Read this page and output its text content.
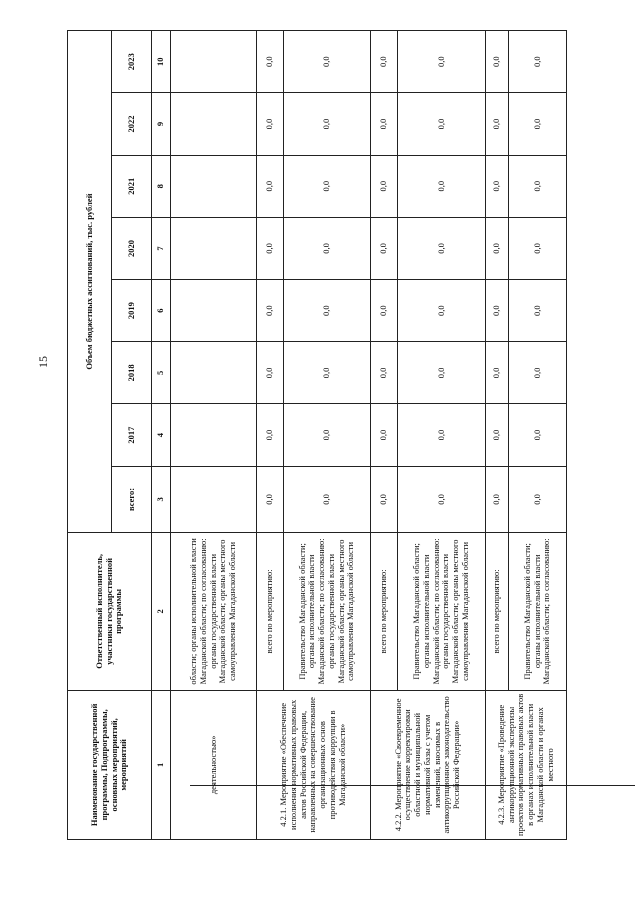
15
Наименование государственной программы, Подпрограммы, основных мероприятий, мероприятий	Ответственный исполнитель, участники государственной программы	Объем бюджетных ассигнований, тыс. рублей							
		всего:	2017	2018	2019	2020	2021	2022	2023
1	2	3	4	5	6	7	8	9	10
деятельностью»	области; органы исполнительной власти Магаданской области; по согласованию: органы государственной власти Магаданской области; органы местного самоуправления Магаданской области								
4.2.1. Мероприятие «Обеспечение исполнения нормативных правовых актов Российской Федерации, направленных на совершенствование организационных основ противодействия коррупции в Магаданской области»	всего по мероприятию:	0,0	0,0	0,0	0,0	0,0	0,0	0,0	0,0
	Правительство Магаданской области; органы исполнительной власти Магаданской области; по согласованию: органы государственной власти Магаданской области; органы местного самоуправления Магаданской области	0,0	0,0	0,0	0,0	0,0	0,0	0,0	0,0
4.2.2. Мероприятие «Своевременное осуществление корректировки областной и муниципальной нормативной базы с учетом изменений, вносимых в антикоррупционное законодательство Российской Федерации»	всего по мероприятию:	0,0	0,0	0,0	0,0	0,0	0,0	0,0	0,0
	Правительство Магаданской области; органы исполнительной власти Магаданской области; по согласованию: органы государственной власти Магаданской области; органы местного самоуправления Магаданской области	0,0	0,0	0,0	0,0	0,0	0,0	0,0	0,0
4.2.3. Мероприятие «Проведение антикоррупционной экспертизы проектов нормативных правовых актов в органах исполнительной власти Магаданской области и органах местного	всего по мероприятию:	0,0	0,0	0,0	0,0	0,0	0,0	0,0	0,0
	Правительство Магаданской области; органы исполнительной власти Магаданской области; по согласованию:	0,0	0,0	0,0	0,0	0,0	0,0	0,0	0,0
